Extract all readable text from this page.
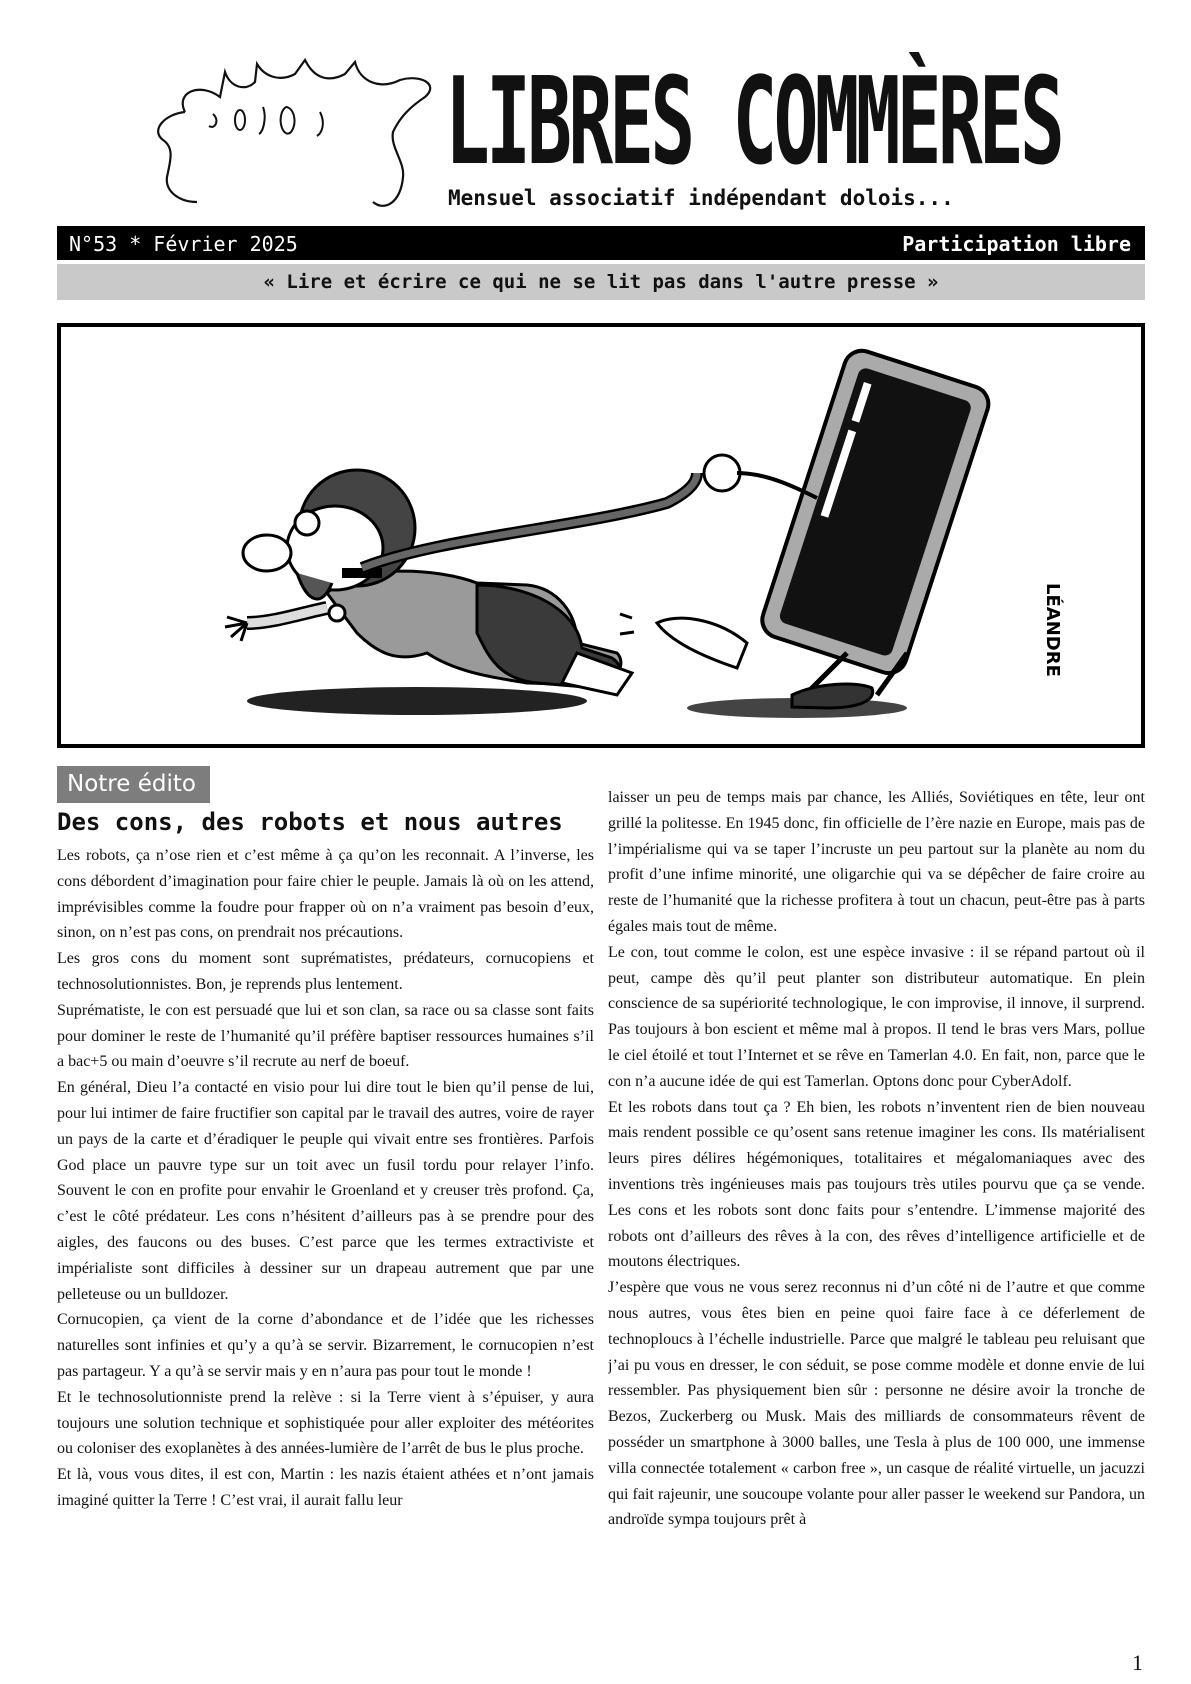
LIBRES COMMÈRES
Mensuel associatif indépendant dolois...
N°53 * Février 2025	Participation libre
« Lire et écrire ce qui ne se lit pas dans l'autre presse »
LÉANDRE
Notre édito
Des cons, des robots et nous autres

Les robots, ça n’ose rien et c’est même à ça qu’on les reconnait. A l’inverse, les cons débordent d’imagination pour faire chier le peuple. Jamais là où on les attend, imprévisibles comme la foudre pour frapper où on n’a vraiment pas besoin d’eux, sinon, on n’est pas cons, on prendrait nos précautions.

Les gros cons du moment sont suprématistes, prédateurs, cornucopiens et technosolutionnistes. Bon, je reprends plus lentement.

Suprématiste, le con est persuadé que lui et son clan, sa race ou sa classe sont faits pour dominer le reste de l’humanité qu’il préfère baptiser ressources humaines s’il a bac+5 ou main d’oeuvre s’il recrute au nerf de boeuf.

En général, Dieu l’a contacté en visio pour lui dire tout le bien qu’il pense de lui, pour lui intimer de faire fructifier son capital par le travail des autres, voire de rayer un pays de la carte et d’éradiquer le peuple qui vivait entre ses frontières. Parfois God place un pauvre type sur un toit avec un fusil tordu pour relayer l’info. Souvent le con en profite pour envahir le Groenland et y creuser très profond. Ça, c’est le côté prédateur. Les cons n’hésitent d’ailleurs pas à se prendre pour des aigles, des faucons ou des buses. C’est parce que les termes extractiviste et impérialiste sont difficiles à dessiner sur un drapeau autrement que par une pelleteuse ou un bulldozer.

Cornucopien, ça vient de la corne d’abondance et de l’idée que les richesses naturelles sont infinies et qu’y a qu’à se servir. Bizarrement, le cornucopien n’est pas partageur. Y a qu’à se servir mais y en n’aura pas pour tout le monde !

Et le technosolutionniste prend la relève : si la Terre vient à s’épuiser, y aura toujours une solution technique et sophistiquée pour aller exploiter des météorites ou coloniser des exoplanètes à des années-lumière de l’arrêt de bus le plus proche.

Et là, vous vous dites, il est con, Martin : les nazis étaient athées et n’ont jamais imaginé quitter la Terre ! C’est vrai, il aurait fallu leur

laisser un peu de temps mais par chance, les Alliés, Soviétiques en tête, leur ont grillé la politesse. En 1945 donc, fin officielle de l’ère nazie en Europe, mais pas de l’impérialisme qui va se taper l’incruste un peu partout sur la planète au nom du profit d’une infime minorité, une oligarchie qui va se dépêcher de faire croire au reste de l’humanité que la richesse profitera à tout un chacun, peut-être pas à parts égales mais tout de même.

Le con, tout comme le colon, est une espèce invasive : il se répand partout où il peut, campe dès qu’il peut planter son distributeur automatique. En plein conscience de sa supériorité technologique, le con improvise, il innove, il surprend. Pas toujours à bon escient et même mal à propos. Il tend le bras vers Mars, pollue le ciel étoilé et tout l’Internet et se rêve en Tamerlan 4.0. En fait, non, parce que le con n’a aucune idée de qui est Tamerlan. Optons donc pour CyberAdolf.

Et les robots dans tout ça ? Eh bien, les robots n’inventent rien de bien nouveau mais rendent possible ce qu’osent sans retenue imaginer les cons. Ils matérialisent leurs pires délires hégémoniques, totalitaires et mégalomaniaques avec des inventions très ingénieuses mais pas toujours très utiles pourvu que ça se vende. Les cons et les robots sont donc faits pour s’entendre. L’immense majorité des robots ont d’ailleurs des rêves à la con, des rêves d’intelligence artificielle et de moutons électriques.

J’espère que vous ne vous serez reconnus ni d’un côté ni de l’autre et que comme nous autres, vous êtes bien en peine quoi faire face à ce déferlement de technoploucs à l’échelle industrielle. Parce que malgré le tableau peu reluisant que j’ai pu vous en dresser, le con séduit, se pose comme modèle et donne envie de lui ressembler. Pas physiquement bien sûr : personne ne désire avoir la tronche de Bezos, Zuckerberg ou Musk. Mais des milliards de consommateurs rêvent de posséder un smartphone à 3000 balles, une Tesla à plus de 100 000, une immense villa connectée totalement « carbon free », un casque de réalité virtuelle, un jacuzzi qui fait rajeunir, une soucoupe volante pour aller passer le weekend sur Pandora, un androïde sympa toujours prêt à

1
